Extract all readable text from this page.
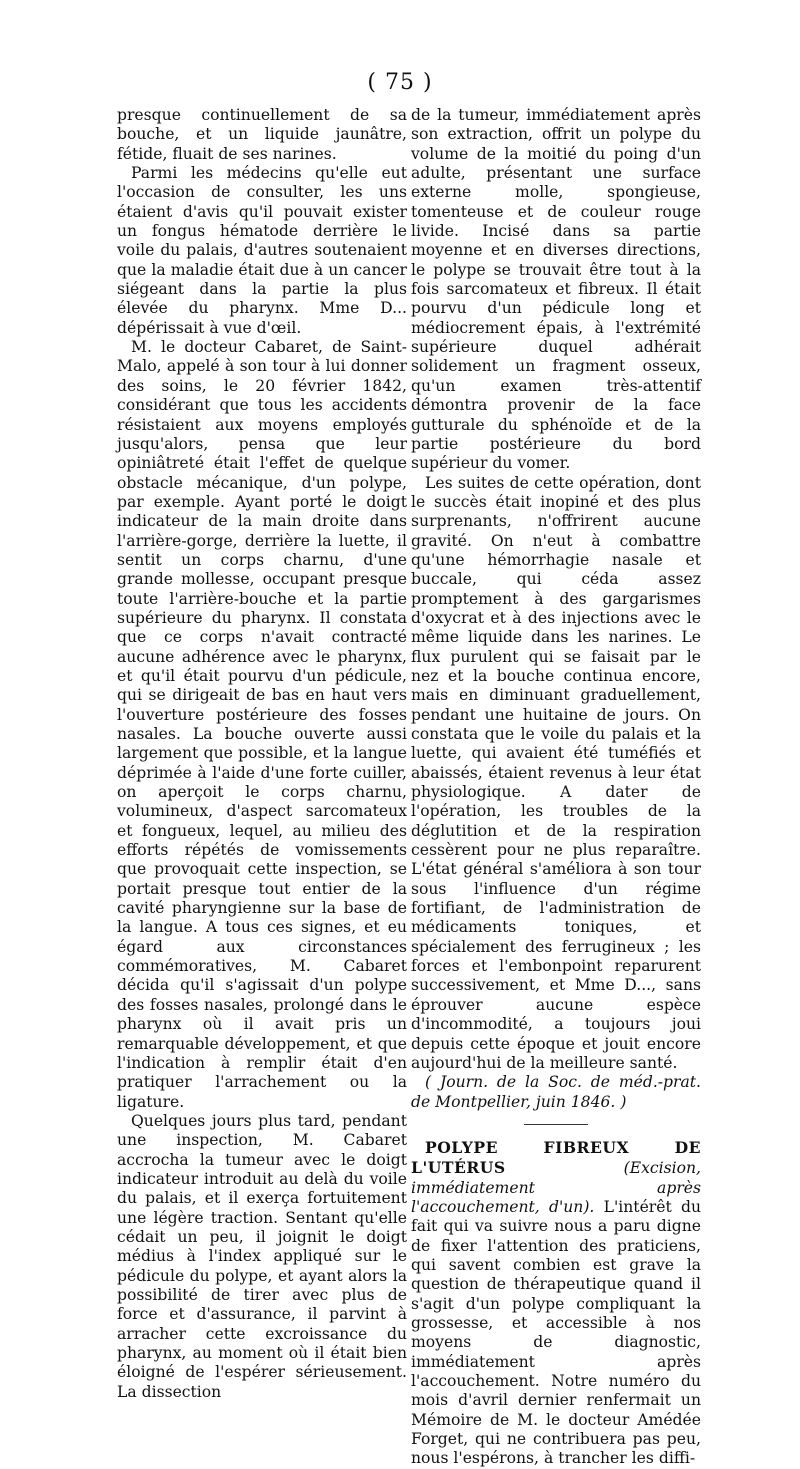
( 75 )

presque continuellement de sa bouche, et un liquide jaunâtre, fétide, fluait de ses narines.

Parmi les médecins qu'elle eut l'occasion de consulter, les uns étaient d'avis qu'il pouvait exister un fongus hématode derrière le voile du palais, d'autres soutenaient que la maladie était due à un cancer siégeant dans la partie la plus élevée du pharynx. Mme D... dépérissait à vue d'œil.

M. le docteur Cabaret, de Saint-Malo, appelé à son tour à lui donner des soins, le 20 février 1842, considérant que tous les accidents résistaient aux moyens employés jusqu'alors, pensa que leur opiniâtreté était l'effet de quelque obstacle mécanique, d'un polype, par exemple. Ayant porté le doigt indicateur de la main droite dans l'arrière-gorge, derrière la luette, il sentit un corps charnu, d'une grande mollesse, occupant presque toute l'arrière-bouche et la partie supérieure du pharynx. Il constata que ce corps n'avait contracté aucune adhérence avec le pharynx, et qu'il était pourvu d'un pédicule, qui se dirigeait de bas en haut vers l'ouverture postérieure des fosses nasales. La bouche ouverte aussi largement que possible, et la langue déprimée à l'aide d'une forte cuiller, on aperçoit le corps charnu, volumineux, d'aspect sarcomateux et fongueux, lequel, au milieu des efforts répétés de vomissements que provoquait cette inspection, se portait presque tout entier de la cavité pharyngienne sur la base de la langue. A tous ces signes, et eu égard aux circonstances commémoratives, M. Cabaret décida qu'il s'agissait d'un polype des fosses nasales, prolongé dans le pharynx où il avait pris un remarquable développement, et que l'indication à remplir était d'en pratiquer l'arrachement ou la ligature.

Quelques jours plus tard, pendant une inspection, M. Cabaret accrocha la tumeur avec le doigt indicateur introduit au delà du voile du palais, et il exerça fortuitement une légère traction. Sentant qu'elle cédait un peu, il joignit le doigt médius à l'index appliqué sur le pédicule du polype, et ayant alors la possibilité de tirer avec plus de force et d'assurance, il parvint à arracher cette excroissance du pharynx, au moment où il était bien éloigné de l'espérer sérieusement. La dissection

de la tumeur, immédiatement après son extraction, offrit un polype du volume de la moitié du poing d'un adulte, présentant une surface externe molle, spongieuse, tomenteuse et de couleur rouge livide. Incisé dans sa partie moyenne et en diverses directions, le polype se trouvait être tout à la fois sarcomateux et fibreux. Il était pourvu d'un pédicule long et médiocrement épais, à l'extrémité supérieure duquel adhérait solidement un fragment osseux, qu'un examen très-attentif démontra provenir de la face gutturale du sphénoïde et de la partie postérieure du bord supérieur du vomer.

Les suites de cette opération, dont le succès était inopiné et des plus surprenants, n'offrirent aucune gravité. On n'eut à combattre qu'une hémorrhagie nasale et buccale, qui céda assez promptement à des gargarismes d'oxycrat et à des injections avec le même liquide dans les narines. Le flux purulent qui se faisait par le nez et la bouche continua encore, mais en diminuant graduellement, pendant une huitaine de jours. On constata que le voile du palais et la luette, qui avaient été tuméfiés et abaissés, étaient revenus à leur état physiologique. A dater de l'opération, les troubles de la déglutition et de la respiration cessèrent pour ne plus reparaître. L'état général s'améliora à son tour sous l'influence d'un régime fortifiant, de l'administration de médicaments toniques, et spécialement des ferrugineux ; les forces et l'embonpoint reparurent successivement, et Mme D..., sans éprouver aucune espèce d'incommodité, a toujours joui depuis cette époque et jouit encore aujourd'hui de la meilleure santé.

( Journ. de la Soc. de méd.-prat. de Montpellier, juin 1846. )

POLYPE FIBREUX DE L'UTÉRUS	(Excision, immédiatement après l'accouchement, d'un). L'intérêt du fait qui va suivre nous a paru digne de fixer l'attention des praticiens, qui savent combien est grave la question de thérapeutique quand il s'agit d'un polype compliquant la grossesse, et accessible à nos moyens de diagnostic, immédiatement après l'accouchement. Notre numéro du mois d'avril dernier renfermait un Mémoire de M. le docteur Amédée Forget, qui ne contribuera pas peu, nous l'espérons, à trancher les diffi-
